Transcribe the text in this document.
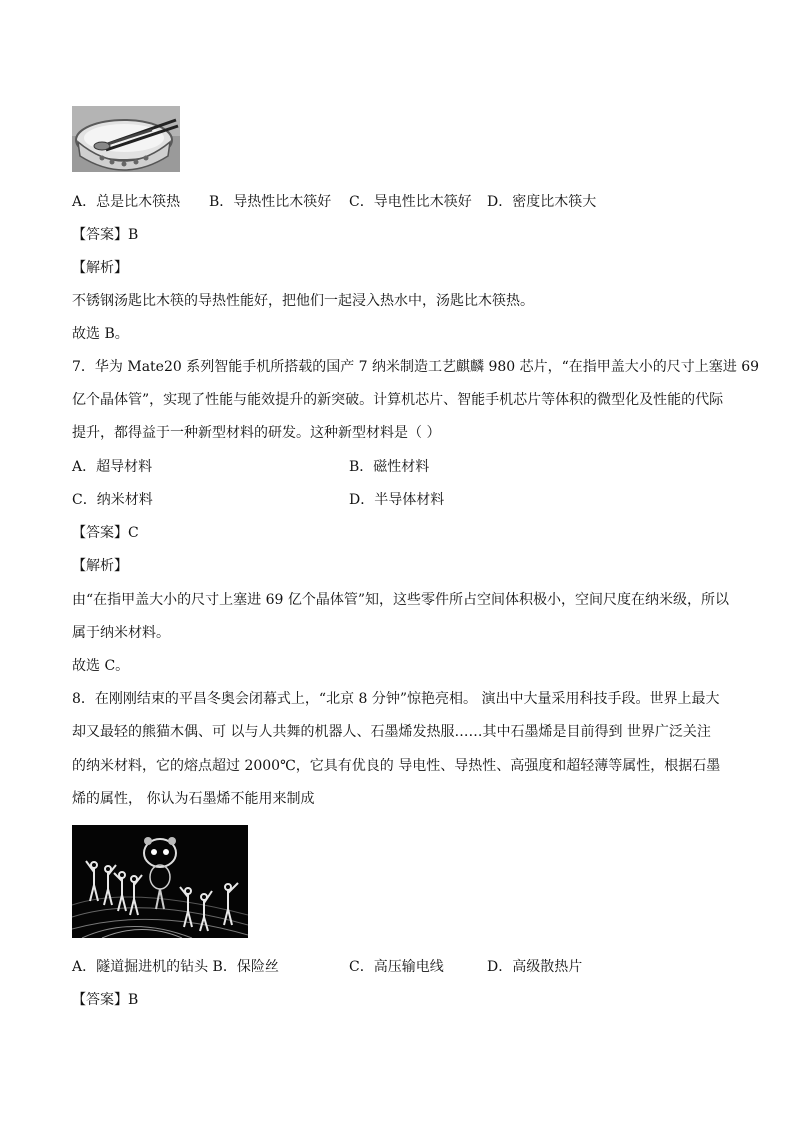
A．总是比木筷热 B．导热性比木筷好 C．导电性比木筷好 D．密度比木筷大
【答案】B
【解析】
不锈钢汤匙比木筷的导热性能好，把他们一起浸入热水中，汤匙比木筷热。
故选 B。
7．华为 Mate20 系列智能手机所搭载的国产 7 纳米制造工艺麒麟 980 芯片，“在指甲盖大小的尺寸上塞进 69
亿个晶体管”，实现了性能与能效提升的新突破。计算机芯片、智能手机芯片等体积的微型化及性能的代际
提升，都得益于一种新型材料的研发。这种新型材料是（ ）
A．超导材料	B．磁性材料
C．纳米材料	D．半导体材料
【答案】C
【解析】
由“在指甲盖大小的尺寸上塞进 69 亿个晶体管”知，这些零件所占空间体积极小，空间尺度在纳米级，所以
属于纳米材料。
故选 C。
8．在刚刚结束的平昌冬奥会闭幕式上，“北京 8 分钟”惊艳亮相。 演出中大量采用科技手段。世界上最大
却又最轻的熊猫木偶、可 以与人共舞的机器人、石墨烯发热服……其中石墨烯是目前得到 世界广泛关注
的纳米材料，它的熔点超过 2000℃，它具有优良的 导电性、导热性、高强度和超轻薄等属性，根据石墨
烯的属性， 你认为石墨烯不能用来制成
A．隧道掘进机的钻头 B．保险丝	C．高压输电线	D．高级散热片
【答案】B
